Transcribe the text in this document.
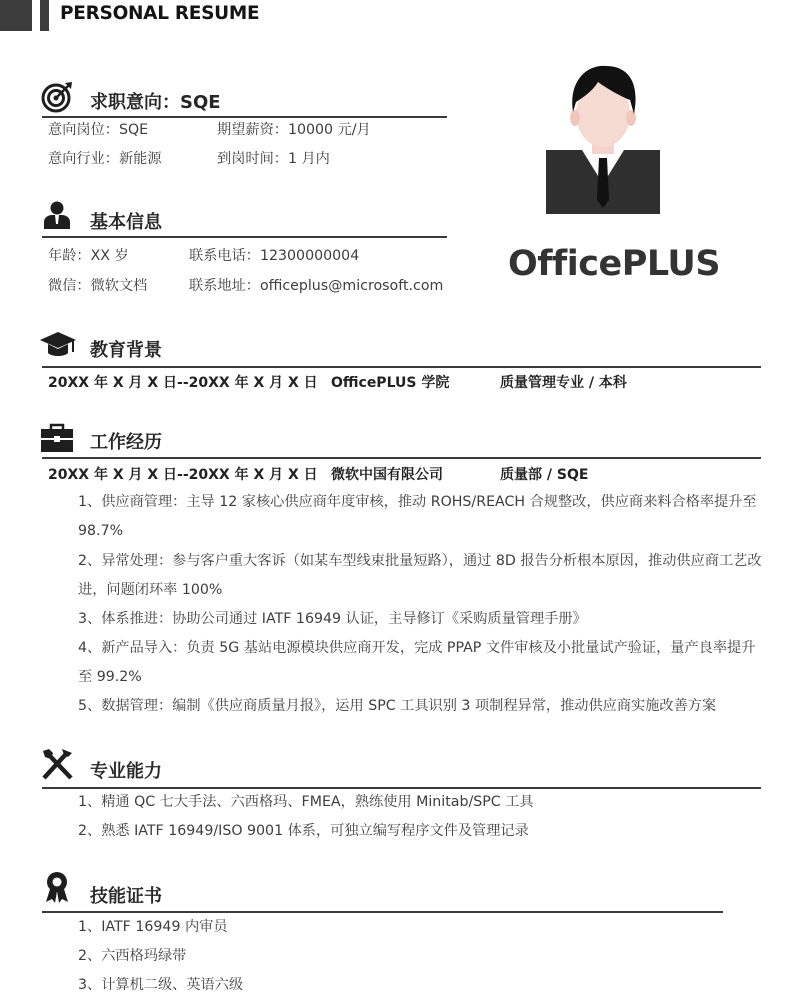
PERSONAL RESUME
OfficePLUS
求职意向：SQE
意向岗位：SQE	期望薪资：10000 元/月
意向行业：新能源	到岗时间：1 月内
基本信息
年龄：XX 岁	联系电话：12300000004
微信：微软文档	联系地址：officeplus@microsoft.com
教育背景
20XX 年 X 月 X 日--20XX 年 X 月 X 日 OfficePLUS 学院	质量管理专业 / 本科
工作经历
20XX 年 X 月 X 日--20XX 年 X 月 X 日 微软中国有限公司	质量部 / SQE
1、供应商管理：主导 12 家核心供应商年度审核，推动 ROHS/REACH 合规整改，供应商来料合格率提升至 98.7%
2、异常处理：参与客户重大客诉（如某车型线束批量短路），通过 8D 报告分析根本原因，推动供应商工艺改进，问题闭环率 100%
3、体系推进：协助公司通过 IATF 16949 认证，主导修订《采购质量管理手册》
4、新产品导入：负责 5G 基站电源模块供应商开发，完成 PPAP 文件审核及小批量试产验证，量产良率提升至 99.2%
5、数据管理：编制《供应商质量月报》，运用 SPC 工具识别 3 项制程异常，推动供应商实施改善方案
专业能力
1、精通 QC 七大手法、六西格玛、FMEA，熟练使用 Minitab/SPC 工具
2、熟悉 IATF 16949/ISO 9001 体系，可独立编写程序文件及管理记录
技能证书
1、IATF 16949 内审员
2、六西格玛绿带
3、计算机二级、英语六级
